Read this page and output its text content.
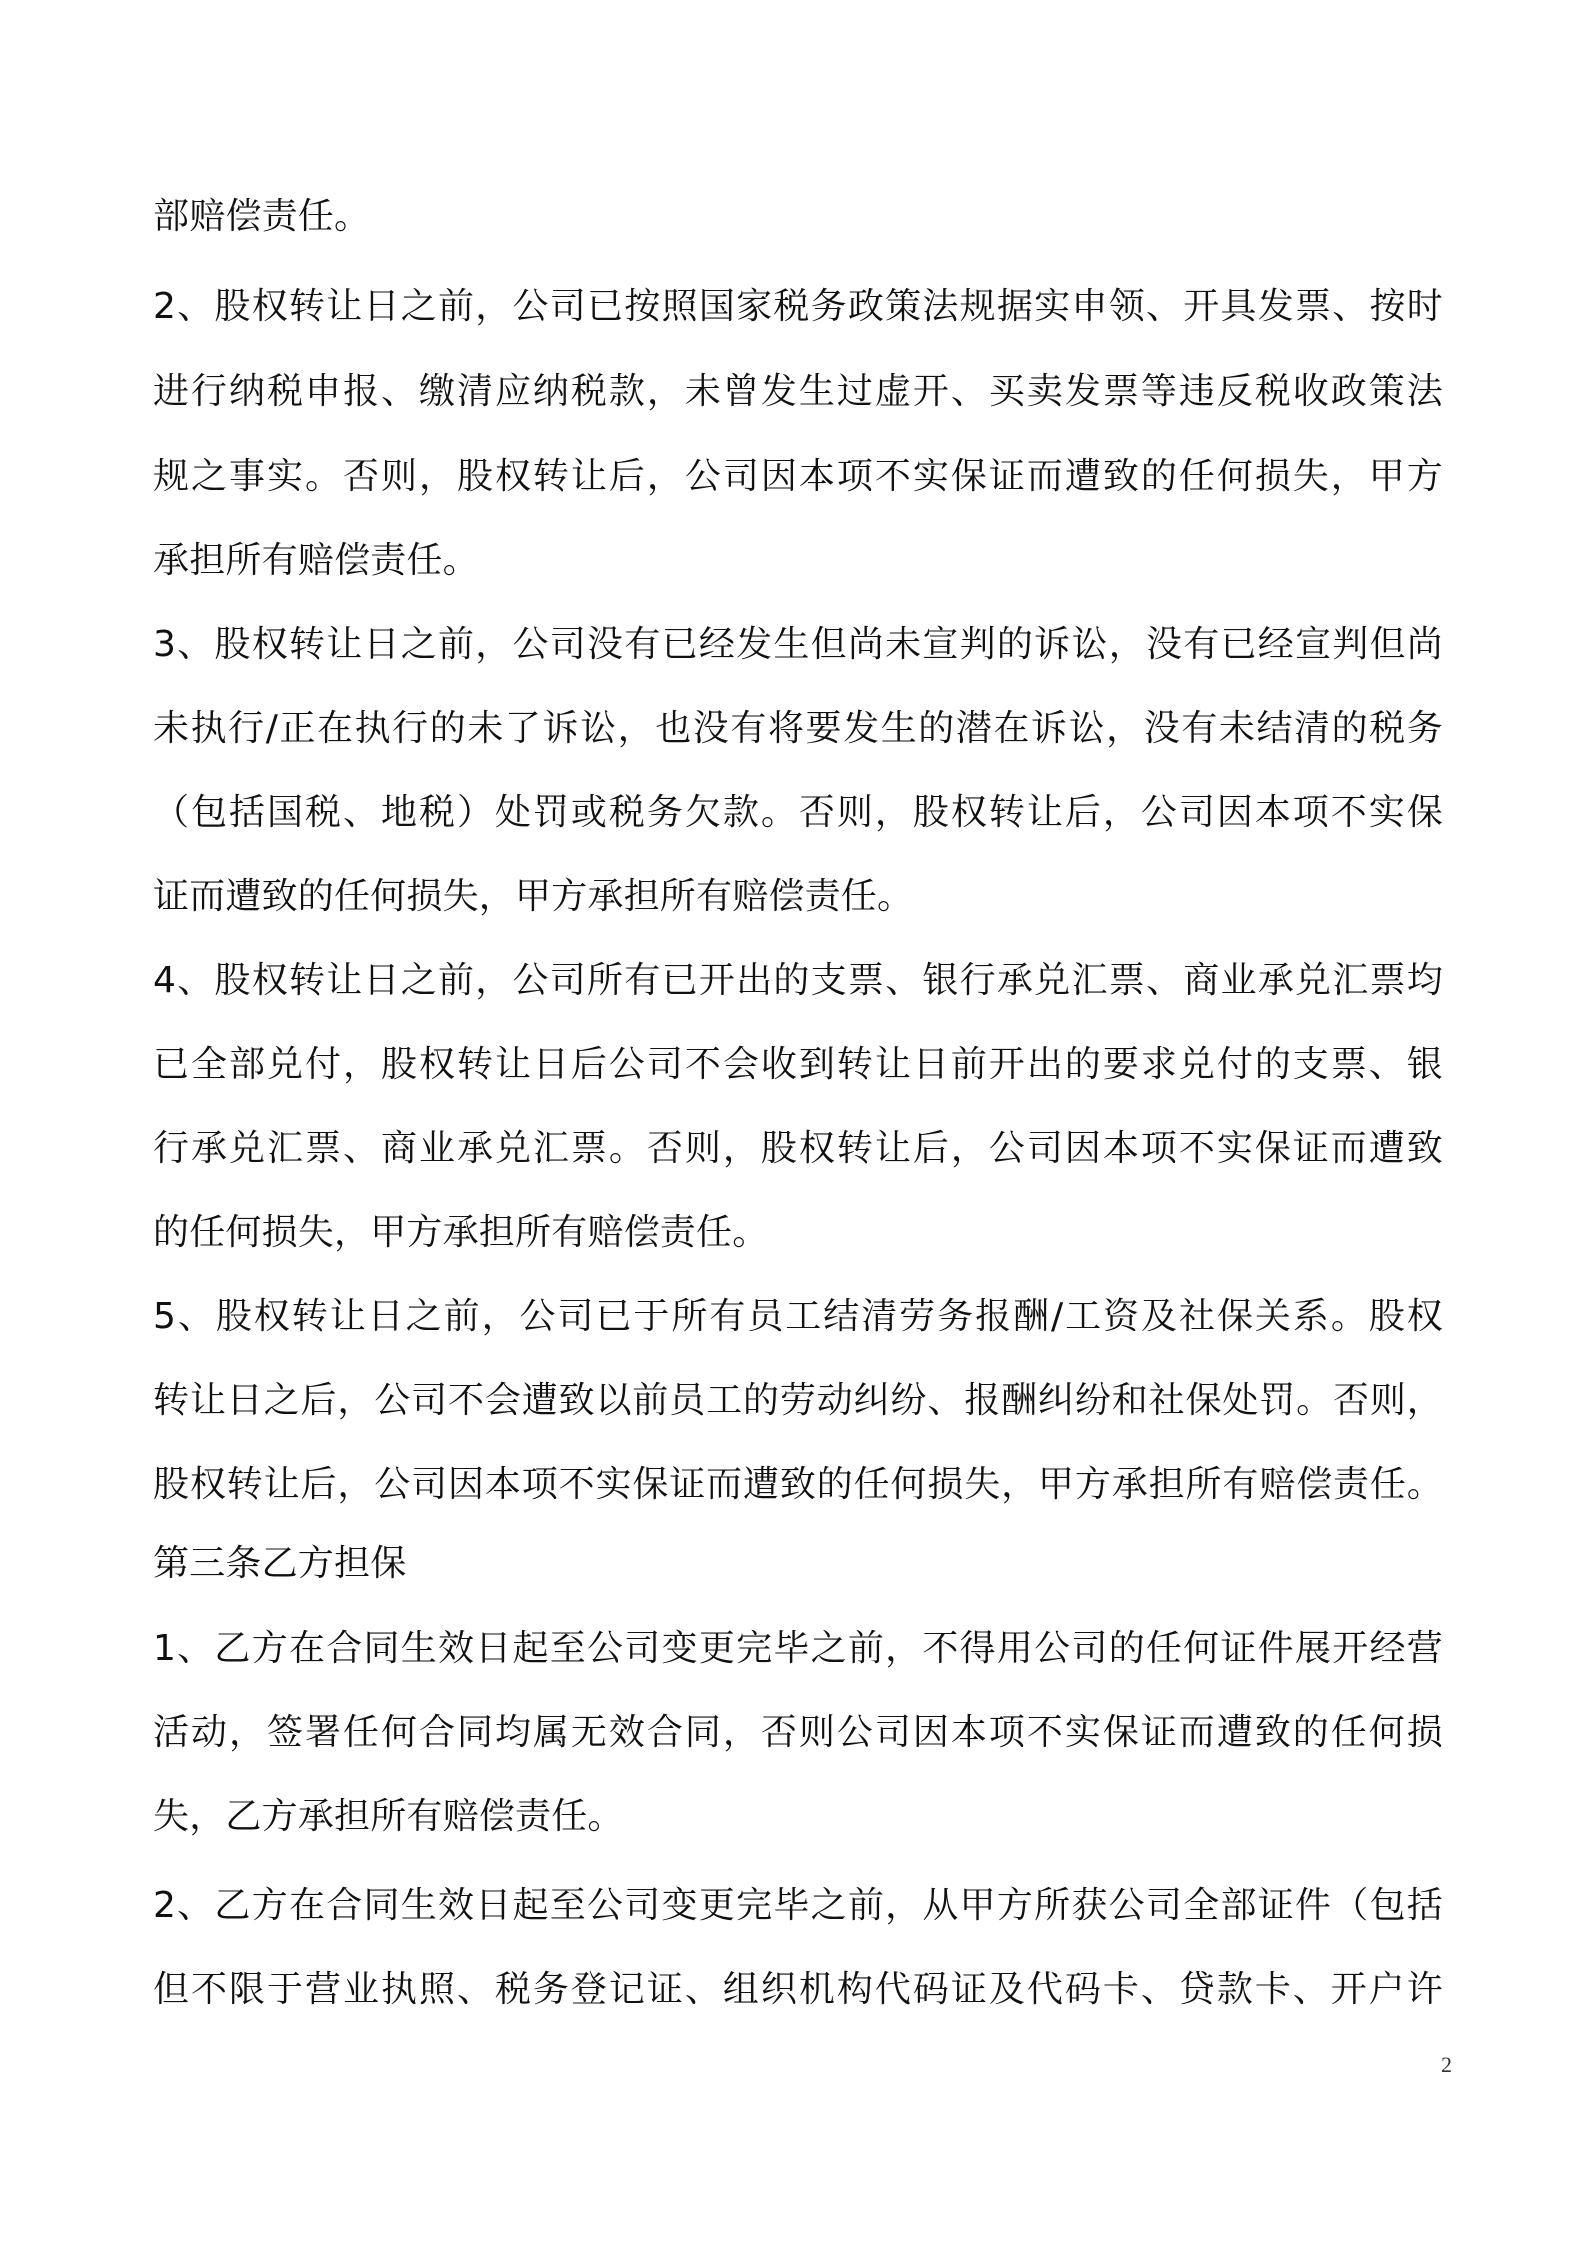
部赔偿责任。
2、股权转让日之前，公司已按照国家税务政策法规据实申领、开具发票、按时
进行纳税申报、缴清应纳税款，未曾发生过虚开、买卖发票等违反税收政策法
规之事实。否则，股权转让后，公司因本项不实保证而遭致的任何损失，甲方
承担所有赔偿责任。
3、股权转让日之前，公司没有已经发生但尚未宣判的诉讼，没有已经宣判但尚
未执行/正在执行的未了诉讼，也没有将要发生的潜在诉讼，没有未结清的税务
（包括国税、地税）处罚或税务欠款。否则，股权转让后，公司因本项不实保
证而遭致的任何损失，甲方承担所有赔偿责任。
4、股权转让日之前，公司所有已开出的支票、银行承兑汇票、商业承兑汇票均
已全部兑付，股权转让日后公司不会收到转让日前开出的要求兑付的支票、银
行承兑汇票、商业承兑汇票。否则，股权转让后，公司因本项不实保证而遭致
的任何损失，甲方承担所有赔偿责任。
5、股权转让日之前，公司已于所有员工结清劳务报酬/工资及社保关系。股权
转让日之后，公司不会遭致以前员工的劳动纠纷、报酬纠纷和社保处罚。否则，
股权转让后，公司因本项不实保证而遭致的任何损失，甲方承担所有赔偿责任。
第三条乙方担保
1、乙方在合同生效日起至公司变更完毕之前，不得用公司的任何证件展开经营
活动，签署任何合同均属无效合同，否则公司因本项不实保证而遭致的任何损
失，乙方承担所有赔偿责任。
2、乙方在合同生效日起至公司变更完毕之前，从甲方所获公司全部证件（包括
但不限于营业执照、税务登记证、组织机构代码证及代码卡、贷款卡、开户许
2
